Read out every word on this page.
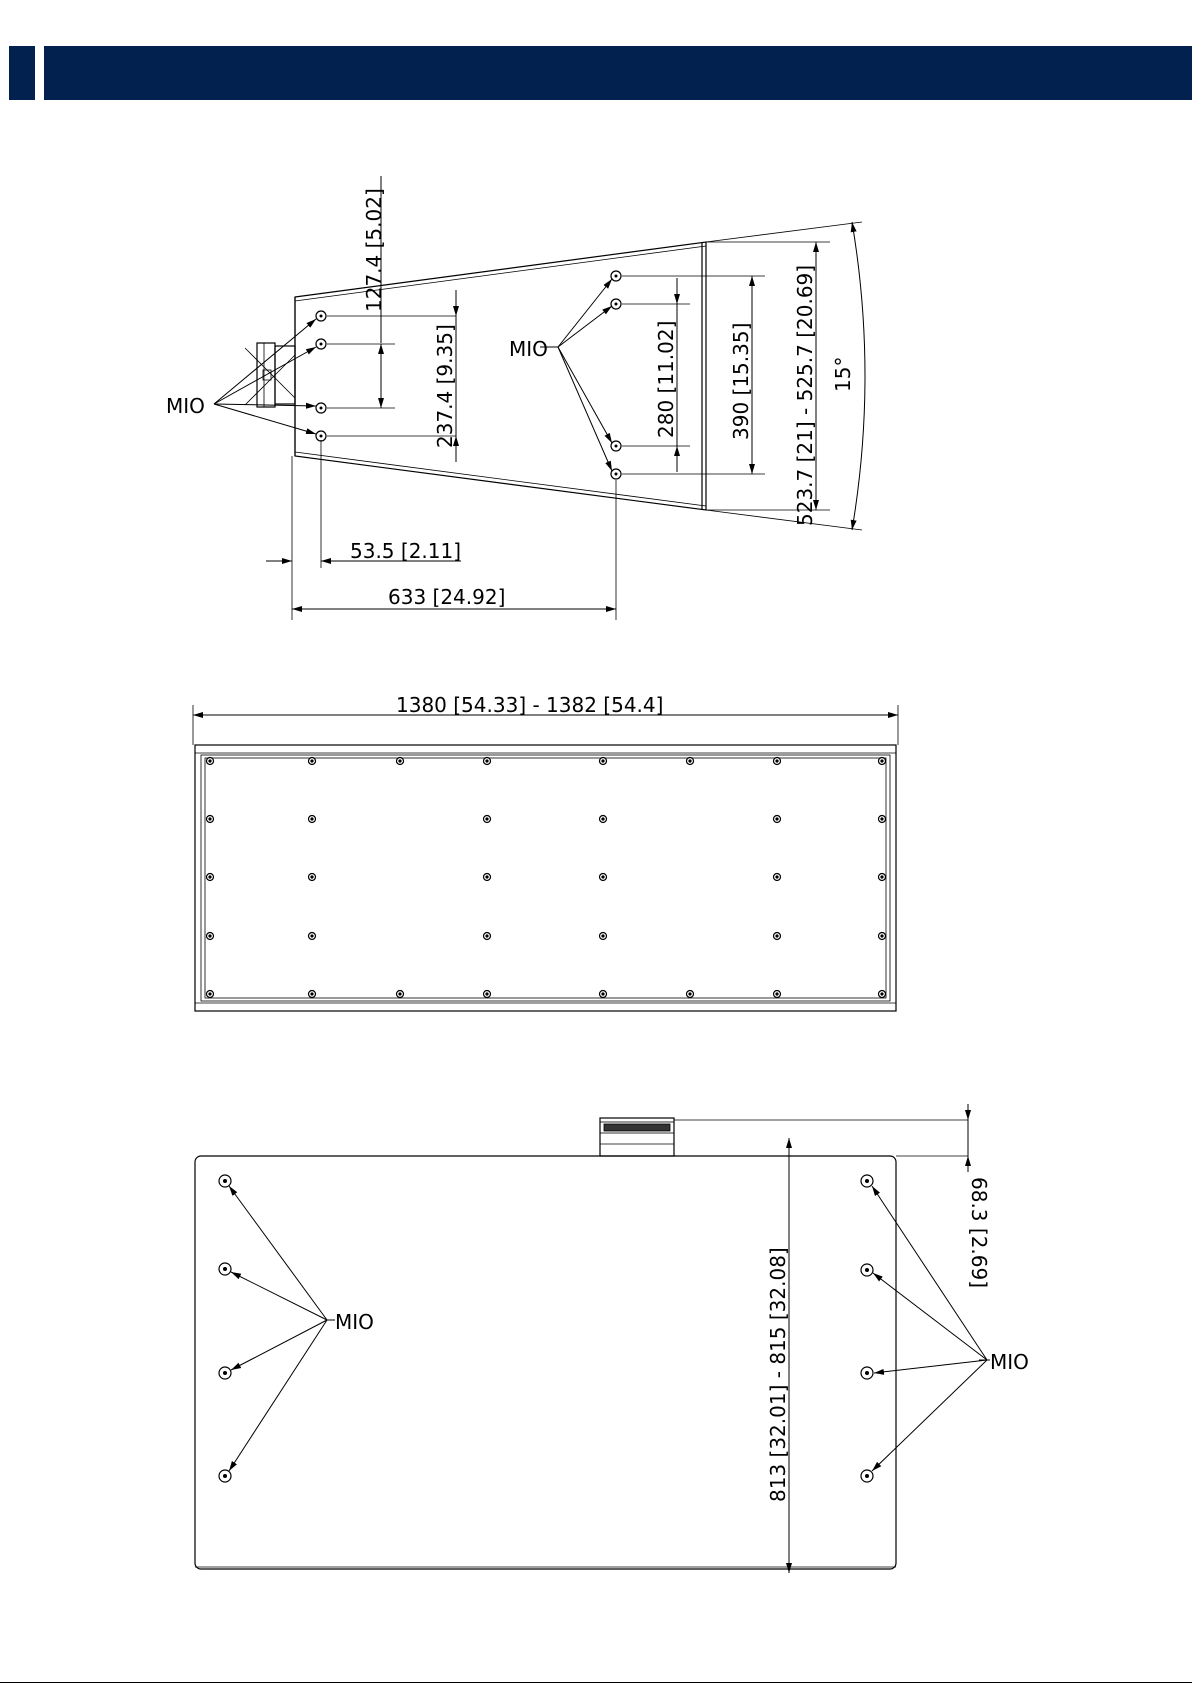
MIO
MIO
127.4 [5.02]
237.4 [9.35]	280 [11.02]	390 [15.35] 523.7 [21] - 525.7 [20.69] 15°
53.5 [2.11]
633 [24.92]
1380 [54.33] - 1382 [54.4]
MIO
MIO
813 [32.01] - 815 [32.08]
68.3 [2.69]
